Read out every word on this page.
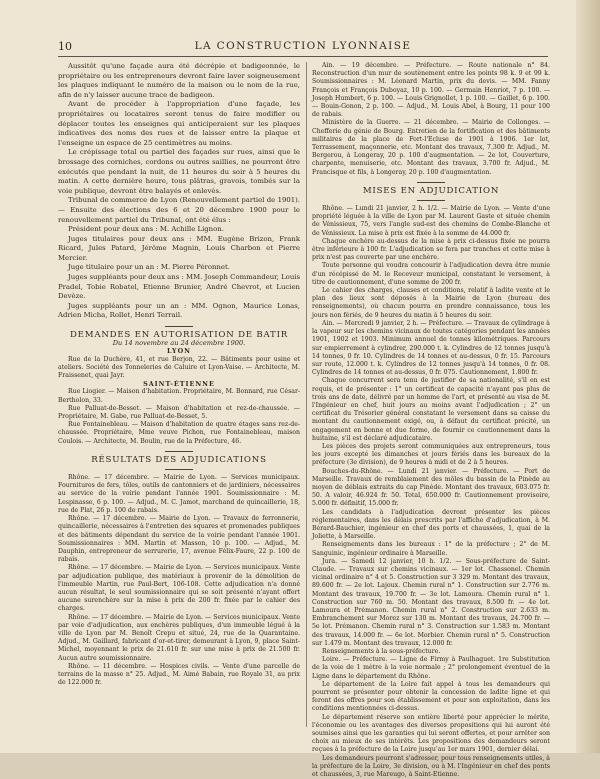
10	LA CONSTRUCTION LYONNAISE

Aussitôt qu'une façade aura été décrépie et badigeonnée, le propriétaire ou les entrepreneurs devront faire laver soigneusement les plaques indiquant le numéro de la maison ou le nom de la rue, afin de n'y laisser aucune trace de badigeon.

Avant de procéder à l'appropriation d'une façade, les propriétaires ou locataires seront tenus de faire modifier ou déplacer toutes les enseignes qui anticiperaient sur les plaques indicatives des noms des rues et de laisser entre la plaque et l'enseigne un espace de 25 centimètres au moins.

Le crépissage total ou partiel des façades sur rues, ainsi que le brossage des corniches, cordons ou autres saillies, ne pourront être exécutés que pendant la nuit, de 11 heures du soir à 5 heures du matin. A cette dernière heure, tous plâtras, gravois, tombés sur la voie publique, devront être balayés et enlevés.

Tribunal de commerce de Lyon (Renouvellement partiel de 1901). — Ensuite des élections des 6 et 20 décembre 1900 pour le renouvellement partiel du Tribunal, ont été élus :

Président pour deux ans : M. Achille Lignon.

Juges titulaires pour deux ans : MM. Eugène Brizon, Frank Ricard, Jules Patard, Jérôme Magnin, Louis Charbon et Pierre Mercier.

Juge titulaire pour un an : M. Pierre Péronnet.

Juges suppléants pour deux ans : MM. Joseph Commandeur, Louis Pradel, Tobie Robatel, Etienne Brunier, André Chevrot, et Lucien Devèze.

Juges suppléants pour un an : MM. Ognon, Maurice Lonas, Adrien Micha, Rollet, Henri Terrail.

DEMANDES EN AUTORISATION DE BATIR

Du 14 novembre au 24 décembre 1900.

LYON

Rue de la Duchère, 41, et rue Berjon, 22. — Bâtiments pour usine et ateliers. Société des Tonneleries de Caluire et Lyon-Vaise. — Architecte, M. Fraissenet, quai Jayr.

SAINT-ÉTIENNE

Rue Liogier. — Maison d'habitation. Propriétaire, M. Bonnard, rue César-Bertholon, 33.

Rue Palluat-de-Besset. — Maison d'habitation et rez-de-chaussée. — Propriétaire, M. Gabe, rue Palluat-de-Besset, 5.

Rue Fontainebleau. — Maison d'habitation de quatre étages sans rez-de-chaussée. Propriétaire, Mme veuve Pichon, rue Fontainebleau, maison Coulois. — Architecte, M. Boulin, rue de la Préfecture, 46.

RÉSULTATS DES ADJUDICATIONS

Rhône. — 17 décembre. — Mairie de Lyon. — Services municipaux. Fournitures de fers, tôles, outils de cantonniers et de jardiniers, nécessaires au service de la voirie pendant l'année 1901. Soumissionnaire : M. Lespinasse, 6 p. 100. — Adjud., M. C. Jamot, marchand de quincaillerie, 18, rue de Plat, 26 p. 100 de rabais.

Rhône. — 17 décembre. — Mairie de Lyon. — Travaux de ferronnerie, quincaillerie, nécessaires à l'entretien des squares et promenades publiques et des bâtiments dépendant du service de la voirie pendant l'année 1901. Soumissionnaires : MM. Martin et Masson, 10 p. 100. — Adjud., M. Dauphin, entrepreneur de serrurerie, 17, avenue Félix-Faure, 22 p. 100 de rabais.

Rhône. — 17 décembre. — Mairie de Lyon. — Services municipaux. Vente par adjudication publique, des matériaux à provenir de la démolition de l'immeuble Martin, rue Paul-Bert, 106-108. Cette adjudication n'a donné aucun résultat, le seul soumissionnaire qui se soit présenté n'ayant offert aucune surenchère sur la mise à prix de 200 fr. fixée par le cahier des charges.

Rhône. — 17 décembre. — Mairie de Lyon. — Services municipaux. Vente par voie d'adjudication, aux enchères publiques, d'un immeuble légué à la ville de Lyon par M. Benoît Crepu et situé, 24, rue de la Quarantaine. Adjud., M. Gaillard, fabricant d'or-et-tirer, demeurant à Lyon, 9, place Saint-Michel, moyennant le prix de 21.610 fr. sur une mise à prix de 21.500 fr. Aucun autre soumissionnaire.

Rhône. — 11 décembre. — Hospices civils. — Vente d'une parcelle de terrains de la masse n° 25. Adjud., M. Aimé Babain, rue Royale 31, au prix de 122.000 fr.

Ain. — 19 décembre. — Préfecture. — Route nationale n° 84. Reconstruction d'un mur de soutènement entre les points 98 k. 9 et 99 k. Soumissionnaires : M. Léonard Martin, prix du devis. — MM. Fanny François et François Duboyaz, 10 p. 100. — Germain Henriot, 7 p. 100. — Joseph Humbert, 6 p. 100. — Louis Grignollet, 1 p. 100. — Gaillet, 6 p. 100. — Bouin-Gonon, 2 p. 100. — Adjud., M. Louis Abel, à Bourg, 11 pour 100 de rabais.

Ministère de la Guerre. — 21 décembre. — Mairie de Collonges. — Chefferie du génie de Bourg. Entretien de la fortification et des bâtiments militaires de la place de Fort-l'Ecluse de 1901 à 1906. 1er lot, Terrassement, maçonnerie, etc. Montant des travaux, 7.300 fr. Adjud., M. Bergerou, à Longeray, 20 p. 100 d'augmentation. — 2e lot, Couverture, charpente, menuiserie, etc. Montant des travaux, 3.700 fr. Adjud., M. Francisque et fils, à Longeray, 20 p. 100 d'augmentation.

MISES EN ADJUDICATION

Rhône. — Lundi 21 janvier, 2 h. 1/2. — Mairie de Lyon. — Vente d'une propriété léguée à la ville de Lyon par M. Laurent Gaste et située chemin de Vénissieux, 75, vers l'angle sud-est des chemins de Combe-Blanche et de Vénissieux. La mise à prix est fixée à la somme de 44.000 fr.

Chaque enchère au-dessus de la mise à prix ci-dessus fixée ne pourra être inférieure à 100 fr. L'adjudication se fera par tranches et cette mise à prix n'est pas couverte par une enchère.

Toute personne qui voudra concourir à l'adjudication devra être munie d'un récépissé de M. le Receveur municipal, constatant le versement, à titre de cautionnement, d'une somme de 200 fr.

Le cahier des charges, clauses et conditions, relatif à ladite vente et le plan des lieux sont déposés à la Mairie de Lyon (bureau des renseignements), où chacun pourra en prendre connaissance, tous les jours non fériés, de 9 heures du matin à 5 heures du soir.

Ain. — Mercredi 9 janvier, 2 h. — Préfecture. — Travaux de cylindrage à la vapeur sur les chemins vicinaux de toutes catégories pendant les années 1901, 1902 et 1903. Minimum annuel de tonnes kilométriques. Parcours sur empierrement à cylindrer, 290.000 t. k. Cylindres de 12 tonnes jusqu'à 14 tonnes, 0 fr. 10. Cylindres de 14 tonnes et au-dessus, 0 fr. 15. Parcours sur route, 12.000 t. k. Cylindres de 12 tonnes jusqu'à 14 tonnes, 0 fr. 08. Cylindres de 14 tonnes et au-dessus, 0 fr. 075. Cautionnement, 1.800 fr.

Chaque concurrent sera tenu de justifier de sa nationalité, s'il en est requis, et de présenter : 1° un certificat de capacité n'ayant pas plus de trois ans de date, délivré par un homme de l'art, et présenté au visa de M. l'Ingénieur en chef, huit jours au moins avant l'adjudication ; 2° un certificat du Trésorier général constatant le versement dans sa caisse du montant du cautionnement exigé, ou, à défaut du certificat précité, un engagement en bonne et due forme, de fournir ce cautionnement dans la huitaine, s'il est déclaré adjudicataire.

Les pièces des projets seront communiquées aux entrepreneurs, tous les jours excepté les dimanches et jours fériés dans les bureaux de la préfecture (3e division), de 9 heures à midi et de 2 à 5 heures.

Bouches-du-Rhône. — Lundi 21 janvier. — Préfecture. — Port de Marseille. Travaux de remblaiement des môles du bassin de la Pinède au moyen de déblais extraits du cap Pinède. Montant des travaux, 603.075 fr. 50. A valoir, 46.924 fr. 50. Total, 650.000 fr. Cautionnement provisoire, 5.000 fr. définitif, 15.000 fr.

Les candidats à l'adjudication devront présenter les pièces réglementaires, dans les délais prescrits par l'affiche d'adjudication, à M. Bérard-Bauchier, ingénieur en chef des ports et chaussées, 1, quai de la Joliette, à Marseille.

Renseignements dans les bureaux : 1° de la préfecture ; 2° de M. Sanguinic, ingénieur ordinaire à Marseille.

Jura. — Samedi 12 janvier, 10 h. 1/2. — Sous-préfecture de Saint-Claude. — Travaux sur chemins vicinaux. — 1er lot. Chassonel. Chemin vicinal ordinaire n° 4 et 5. Construction sur 3 329 m. Montant des travaux, 89.600 fr. — 2e lot. Lajoux. Chemin rural n° 1. Construction sur 2.776 m. Montant des travaux, 19.700 fr. — 3e lot. Lamoura. Chemin rural n° 1. Construction sur 760 m. 50. Montant des travaux, 8.500 fr. — 4e lot. Lamoura et Prémanon. Chemin rural n° 2. Construction sur 2.633 m. Embranchement sur Morez sur 130 m. Montant des travaux, 24.700 fr. — 5e lot. Prémanon. Chemin rural n° 3. Construction sur 1.583 m. Montant des travaux, 14.000 fr. — 6e lot. Morbier. Chemin rural n° 5. Construction sur 1.479 m. Montant des travaux, 12.000 fr.

Renseignements à la sous-préfecture.

Loire. — Préfecture. — Ligne de Firmy à Paulhaguet. 1re Substitution de la voie de 1 mètre à la voie normale ; 2° prolongement éventuel de la Ligne dans le département du Rhône.

Le département de la Loire fait appel à tous les demandeurs qui pourront se présenter pour obtenir la concession de ladite ligne et qui feront des offres pour son établissement et pour son exploitation, dans les conditions mentionnées ci-dessus.

Le département réserve son entière liberté pour apprécier le mérite, l'économie ou les avantages des diverses propositions qui lui auront été soumises ainsi que les garanties qui lui seront offertes, et pour arrêter son choix au mieux de ses intérêts. Les propositions des demandeurs seront reçues à la préfecture de la Loire jusqu'au 1er mars 1901, dernier délai.

Les demandeurs pourront s'adresser, pour tous renseignements utiles, à la préfecture de la Loire, 3e division, ou à M. l'Ingénieur en chef des ponts et chaussées, 3, rue Mareugo, à Saint-Etienne.
